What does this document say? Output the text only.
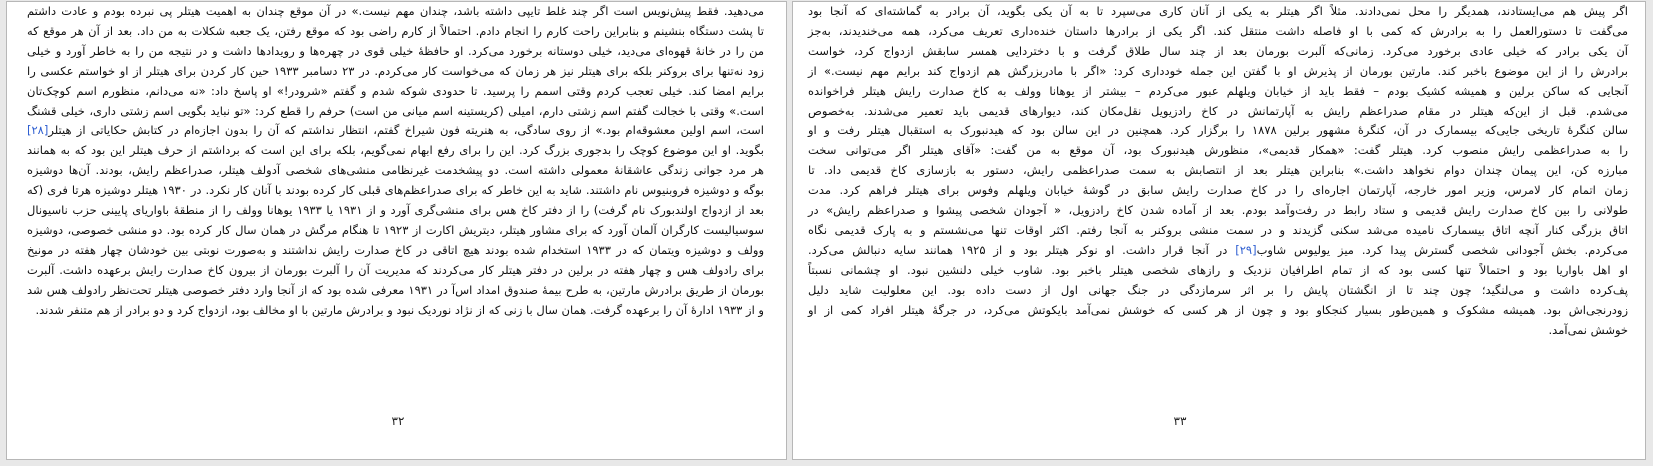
می‌دهید. فقط پیش‌نویس است اگر چند غلط تایپی داشته باشد، چندان مهم نیست.» در آن موقع چندان به اهمیت هیتلر پی نبرده بودم و عادت داشتم
تا پشت دستگاه بنشینم و بنابراین راحت کارم را انجام دادم. احتمالاً از کارم راضی بود که موقع رفتن، یک جعبه شکلات به من داد. بعد از آن هر موقع که
من را در خانهٔ قهوه‌ای می‌دید، خیلی دوستانه برخورد می‌کرد. او حافظهٔ خیلی قوی در چهره‌ها و رویدادها داشت و در نتیجه من را به خاطر آورد و خیلی
زود نه‌تنها برای بروکنر بلکه برای هیتلر نیز هر زمان که می‌خواست کار می‌کردم. در ۲۳ دسامبر ۱۹۳۳ حین کار کردن برای هیتلر از او خواستم عکسی را
برایم امضا کند. خیلی تعجب کردم وقتی اسمم را پرسید. تا حدودی شوکه شدم و گفتم «شرودر!» او پاسخ داد: «نه می‌دانم، منظورم اسم کوچک‌تان
است.» وقتی با خجالت گفتم اسم زشتی دارم، امیلی (کریستینه اسم میانی من است) حرفم را قطع کرد: «تو نباید بگویی اسم زشتی داری، خیلی قشنگ
است، اسم اولین معشوقه‌ام بود.» از روی سادگی، به هنریته فون شیراخ گفتم، انتظار نداشتم که آن را بدون اجازه‌ام در کتابش حکایاتی از هیتلر[۲۸]
بگوید. او این موضوع کوچک را بدجوری بزرگ کرد. این را برای رفع ابهام نمی‌گویم، بلکه برای این است که برداشتم از حرف هیتلر این بود که به همانند
هر مرد جوانی زندگی عاشقانهٔ معمولی داشته است. دو پیشخدمت غیرنظامی منشی‌های شخصی آدولف هیتلر، صدراعظم رایش، بودند. آن‌ها دوشیزه
بوگه و دوشیزه فروبنیوس نام داشتند. شاید به این خاطر که برای صدراعظم‌های قبلی کار کرده بودند با آنان کار نکرد. در ۱۹۳۰ هیتلر دوشیزه هرتا فری (که
بعد از ازدواج اولندبورک نام گرفت) را از دفتر کاخ هس برای منشی‌گری آورد و از ۱۹۳۱ یا ۱۹۳۳ یوهانا وولف را از منطقهٔ باواریای پایینی حزب ناسیونال
سوسیالیست کارگران آلمان آورد که برای مشاور هیتلر، دیتریش اکارت از ۱۹۲۳ تا هنگام مرگش در همان سال کار کرده بود. دو منشی خصوصی، دوشیزه
وولف و دوشیزه ویتمان که در ۱۹۳۳ استخدام شده بودند هیچ اتاقی در کاخ صدارت رایش نداشتند و به‌صورت نوبتی بین خودشان چهار هفته در مونیخ
برای رادولف هس و چهار هفته در برلین در دفتر هیتلر کار می‌کردند که مدیریت آن را آلبرت بورمان از بیرون کاخ صدارت رایش برعهده داشت. آلبرت
بورمان از طریق برادرش مارتین، به طرح بیمهٔ صندوق امداد اس‌آ در ۱۹۳۱ معرفی شده بود که از آنجا وارد دفتر خصوصی هیتلر تحت‌نظر رادولف هس شد
و از ۱۹۳۳ ادارهٔ آن را برعهده گرفت. همان سال با زنی که از نژاد نوردیک نبود و برادرش مارتین با او مخالف بود، ازدواج کرد و دو برادر از هم متنفر شدند.
۳۲
اگر پیش هم می‌ایستادند، همدیگر را محل نمی‌دادند. مثلاً اگر هیتلر به یکی از آنان کاری می‌سپرد تا به آن یکی بگوید، آن برادر به گماشته‌ای که آنجا بود
می‌گفت تا دستورالعمل را به برادرش که کمی با او فاصله داشت منتقل کند. اگر یکی از برادرها داستان خنده‌داری تعریف می‌کرد، همه می‌خندیدند، به‌جز
آن یکی برادر که خیلی عادی برخورد می‌کرد. زمانی‌که آلبرت بورمان بعد از چند سال طلاق گرفت و با دختردایی همسر سابقش ازدواج کرد، خواست
برادرش را از این موضوع باخبر کند. مارتین بورمان از پذیرش او با گفتن این جمله خودداری کرد: «اگر با مادربزرگش هم ازدواج کند برایم مهم نیست.» از
آنجایی که ساکن برلین و همیشه کشیک بودم – فقط باید از خیابان ویلهلم عبور می‌کردم – بیشتر از یوهانا وولف به کاخ صدارت رایش هیتلر فراخوانده
می‌شدم. قبل از این‌که هیتلر در مقام صدراعظم رایش به آپارتمانش در کاخ رادزیویل نقل‌مکان کند، دیوارهای قدیمی باید تعمیر می‌شدند. به‌خصوص
سالن کنگرهٔ تاریخی جایی‌که بیسمارک در آن، کنگرهٔ مشهور برلین ۱۸۷۸ را برگزار کرد. همچنین در این سالن بود که هیدنبورک به استقبال هیتلر رفت و او
را به صدراعظمی رایش منصوب کرد. هیتلر گفت: «همکار قدیمی»، منظورش هیدنبورک بود، آن موقع به من گفت: «آقای هیتلر اگر می‌توانی سخت
مبارزه کن، این پیمان چندان دوام نخواهد داشت.» بنابراین هیتلر بعد از انتصابش به سمت صدراعظمی رایش، دستور به بازسازی کاخ قدیمی داد. تا
زمان اتمام کار لامرس، وزیر امور خارجه، آپارتمان اجاره‌ای را در کاخ صدارت رایش سابق در گوشهٔ خیابان ویلهلم وفوس برای هیتلر فراهم کرد. مدت
طولانی را بین کاخ صدارت رایش قدیمی و ستاد رابط در رفت‌وآمد بودم. بعد از آماده شدن کاخ رادزویل، « آجودان شخصی پیشوا و صدراعظم رایش» در
اتاق بزرگی کنار آنچه اتاق بیسمارک نامیده می‌شد سکنی گزیدند و در سمت منشی بروکنر به آنجا رفتم. اکثر اوقات تنها می‌نشستم و به پارک قدیمی نگاه
می‌کردم. بخش آجودانی شخصی گسترش پیدا کرد. میز یولیوس شاوب[۲۹] در آنجا قرار داشت. او نوکر هیتلر بود و از ۱۹۲۵ همانند سایه دنبالش می‌کرد.
او اهل باواریا بود و احتمالاً تنها کسی بود که از تمام اطرافیان نزدیک و رازهای شخصی هیتلر باخبر بود. شاوب خیلی دلنشین نبود. او چشمانی نسبتاً
پف‌کرده داشت و می‌لنگید؛ چون چند تا از انگشتان پایش را بر اثر سرمازدگی در جنگ جهانی اول از دست داده بود. این معلولیت شاید دلیل
زودرنجی‌اش بود. همیشه مشکوک و همین‌طور بسیار کنجکاو بود و چون از هر کسی که خوشش نمی‌آمد بایکوتش می‌کرد، در جرگهٔ هیتلر افراد کمی از او
خوشش نمی‌آمد.
۳۳
